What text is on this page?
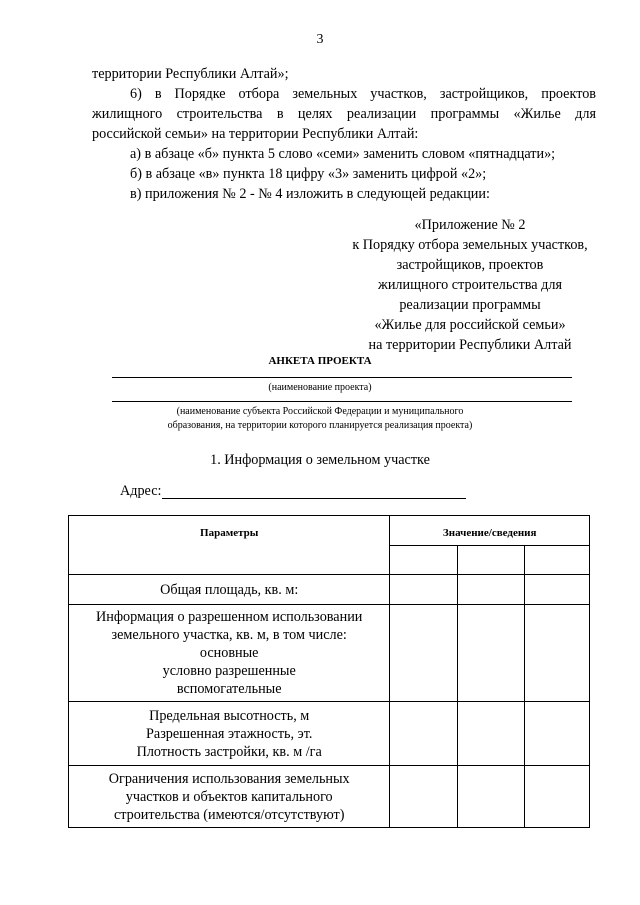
3
территории Республики Алтай»;
6) в Порядке отбора земельных участков, застройщиков, проектов
жилищного строительства в целях реализации программы «Жилье для
российской семьи» на территории Республики Алтай:
а) в абзаце «б» пункта 5 слово «семи» заменить словом «пятнадцати»;
б) в абзаце «в» пункта 18 цифру «3» заменить цифрой «2»;
в) приложения № 2 - № 4 изложить в следующей редакции:
«Приложение № 2
к Порядку отбора земельных участков,
застройщиков, проектов
жилищного строительства для
реализации программы
«Жилье для российской семьи»
на территории Республики Алтай
АНКЕТА ПРОЕКТА
(наименование проекта)
(наименование субъекта Российской Федерации и муниципального
образования, на территории которого планируется реализация проекта)
1. Информация о земельном участке
Адрес:
Параметры	Значение/сведения		

Общая площадь, кв. м:			

Информация о разрешенном использовании
земельного участка, кв. м, в том числе:
основные
условно разрешенные
вспомогательные			

Предельная высотность, м
Разрешенная этажность, эт.
Плотность застройки, кв. м /га			

Ограничения использования земельных
участков и объектов капитального
строительства (имеются/отсутствуют)			
